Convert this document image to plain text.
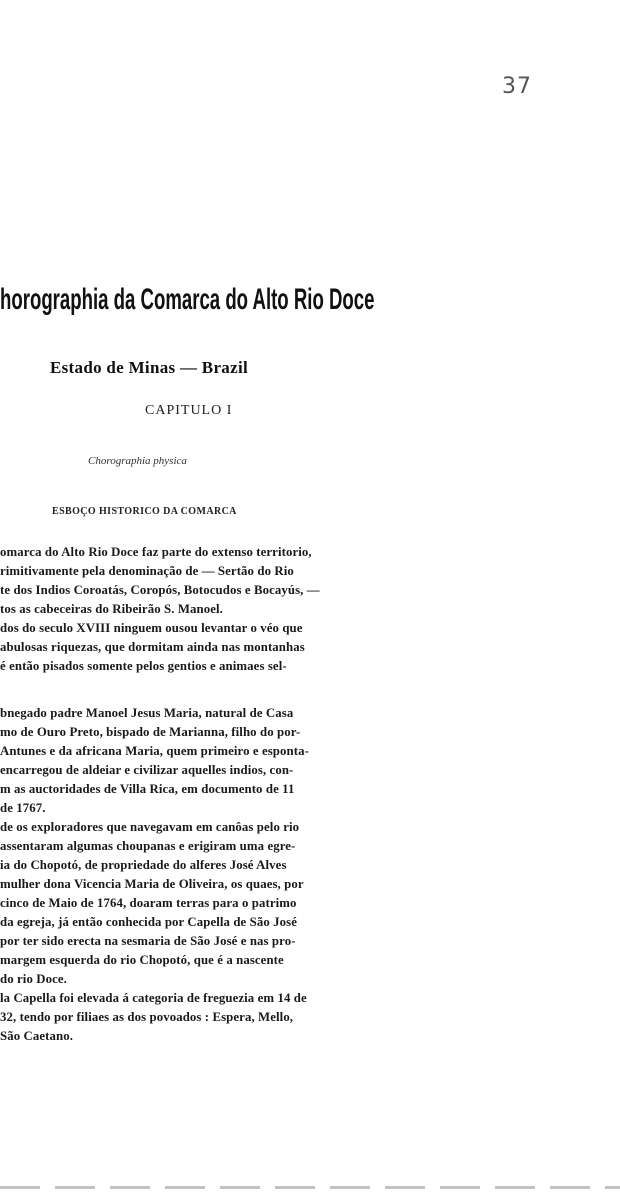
37
horographia da Comarca do Alto Rio Doce
Estado de Minas — Brazil
CAPITULO I
Chorographia physica
ESBOÇO HISTORICO DA COMARCA
omarca do Alto Rio Doce faz parte do extenso territorio,
rimitivamente pela denominação de — Sertão do Rio
te dos Indios Coroatás, Coropós, Botocudos e Bocayús, —
tos as cabeceiras do Ribeirão S. Manoel.
dos do seculo XVIII ninguem ousou levantar o véo que
abulosas riquezas, que dormitam ainda nas montanhas
é então pisados somente pelos gentios e animaes sel-
bnegado padre Manoel Jesus Maria, natural de Casa
mo de Ouro Preto, bispado de Marianna, filho do por-
Antunes e da africana Maria, quem primeiro e esponta-
encarregou de aldeiar e civilizar aquelles indios, con-
m as auctoridades de Villa Rica, em documento de 11
de 1767.
de os exploradores que navegavam em canôas pelo rio
assentaram algumas choupanas e erigiram uma egre-
ia do Chopotó, de propriedade do alferes José Alves
mulher dona Vicencia Maria de Oliveira, os quaes, por
cinco de Maio de 1764, doaram terras para o patrimo
da egreja, já então conhecida por Capella de São José
por ter sido erecta na sesmaria de São José e nas pro-
margem esquerda do rio Chopotó, que é a nascente
do rio Doce.
la Capella foi elevada á categoria de freguezia em 14 de
32, tendo por filiaes as dos povoados : Espera, Mello,
São Caetano.
